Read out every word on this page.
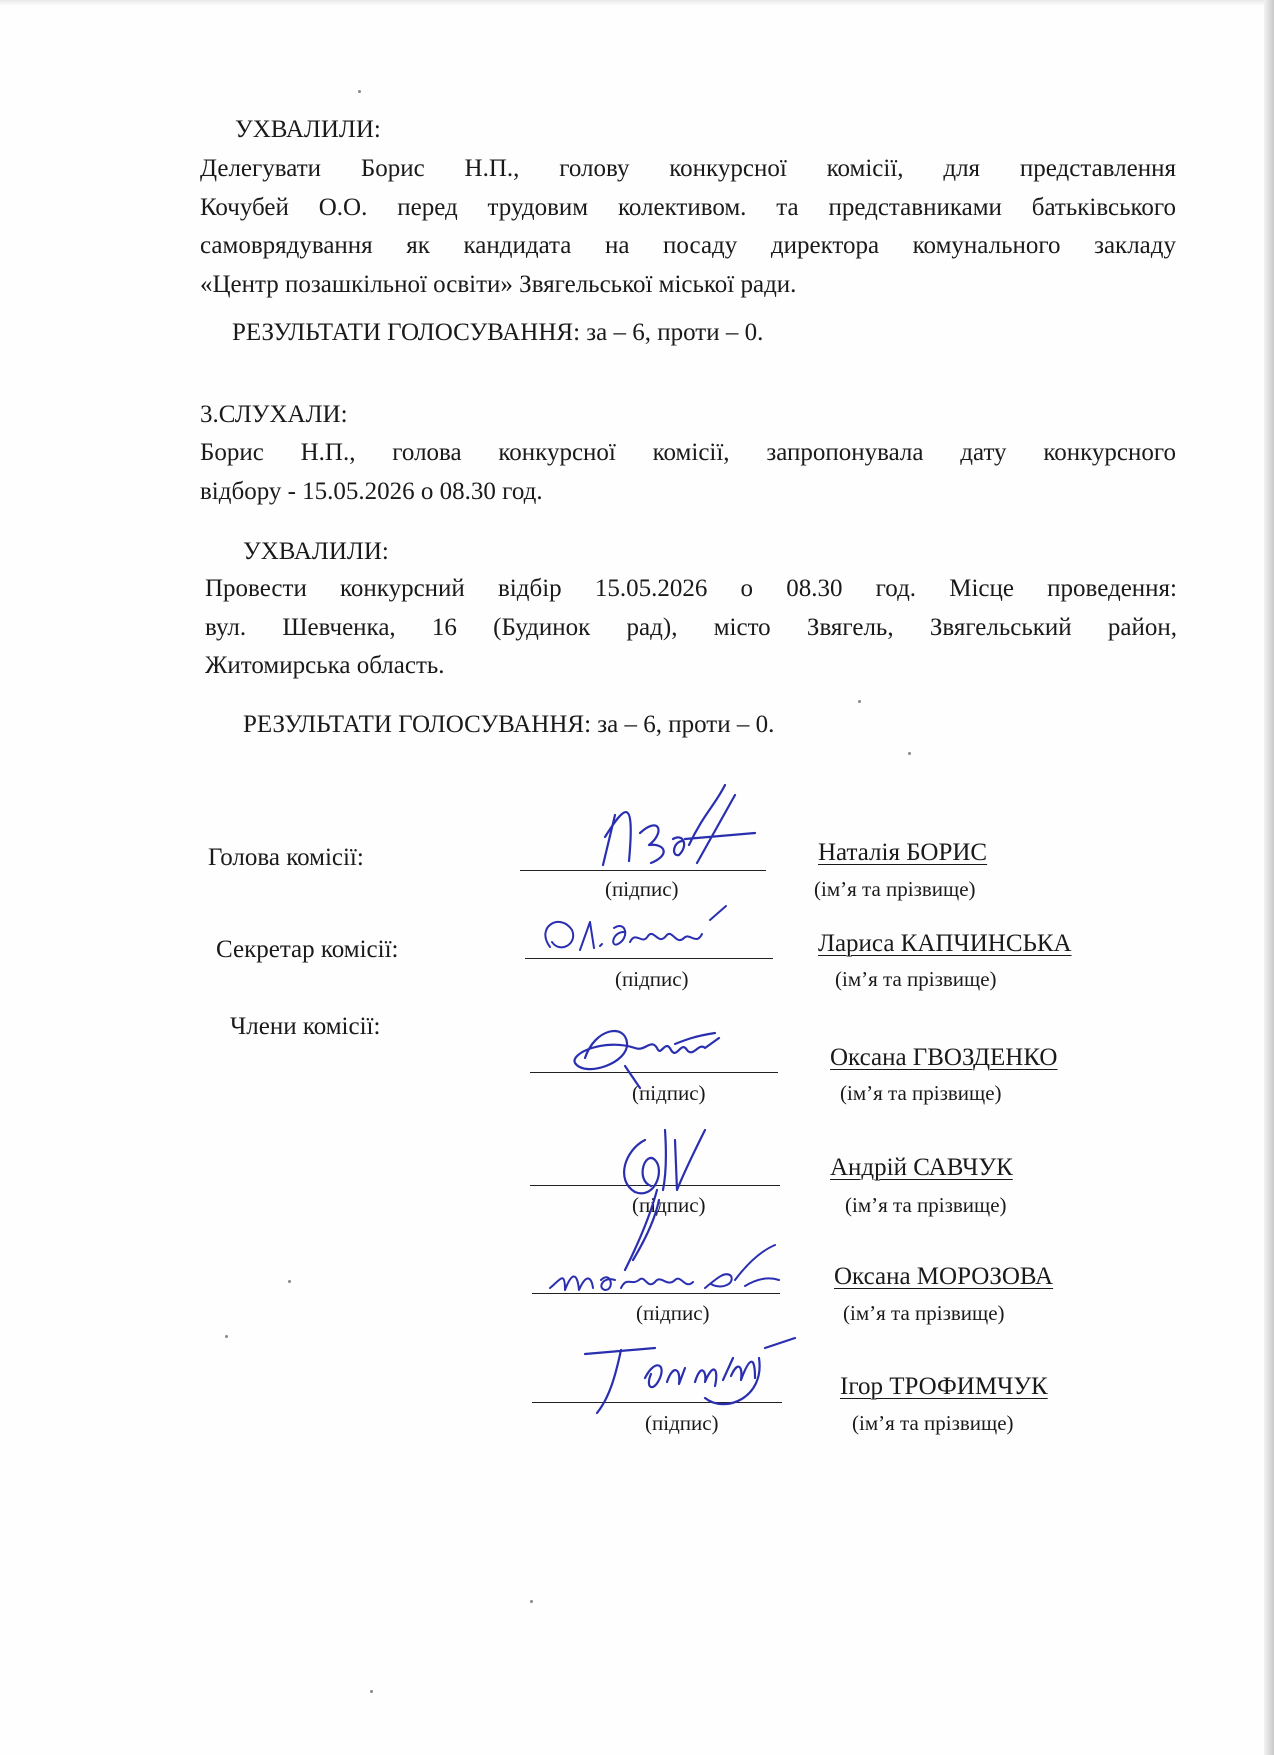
УХВАЛИЛИ:
Делегувати Борис Н.П., голову конкурсної комісії, для представлення
Кочубей О.О. перед трудовим колективом. та представниками батьківського
самоврядування як кандидата на посаду директора комунального закладу
«Центр позашкільної освіти» Звягельської міської ради.
РЕЗУЛЬТАТИ ГОЛОСУВАННЯ: за – 6, проти – 0.
3.СЛУХАЛИ:
Борис Н.П., голова конкурсної комісії, запропонувала дату конкурсного
відбору - 15.05.2026 о 08.30 год.
УХВАЛИЛИ:
Провести конкурсний відбір 15.05.2026 о 08.30 год. Місце проведення:
вул. Шевченка, 16 (Будинок рад), місто Звягель, Звягельський район,
Житомирська область.
РЕЗУЛЬТАТИ ГОЛОСУВАННЯ: за – 6, проти – 0.
Голова комісії:
Секретар комісії:
Члени комісії:
(підпис)
(підпис)
(підпис)
(підпис)
(підпис)
(підпис)
Наталія БОРИС
Лариса КАПЧИНСЬКА
Оксана ГВОЗДЕНКО
Андрій САВЧУК
Оксана МОРОЗОВА
Ігор ТРОФИМЧУК
(ім’я та прізвище)
(ім’я та прізвище)
(ім’я та прізвище)
(ім’я та прізвище)
(ім’я та прізвище)
(ім’я та прізвище)
